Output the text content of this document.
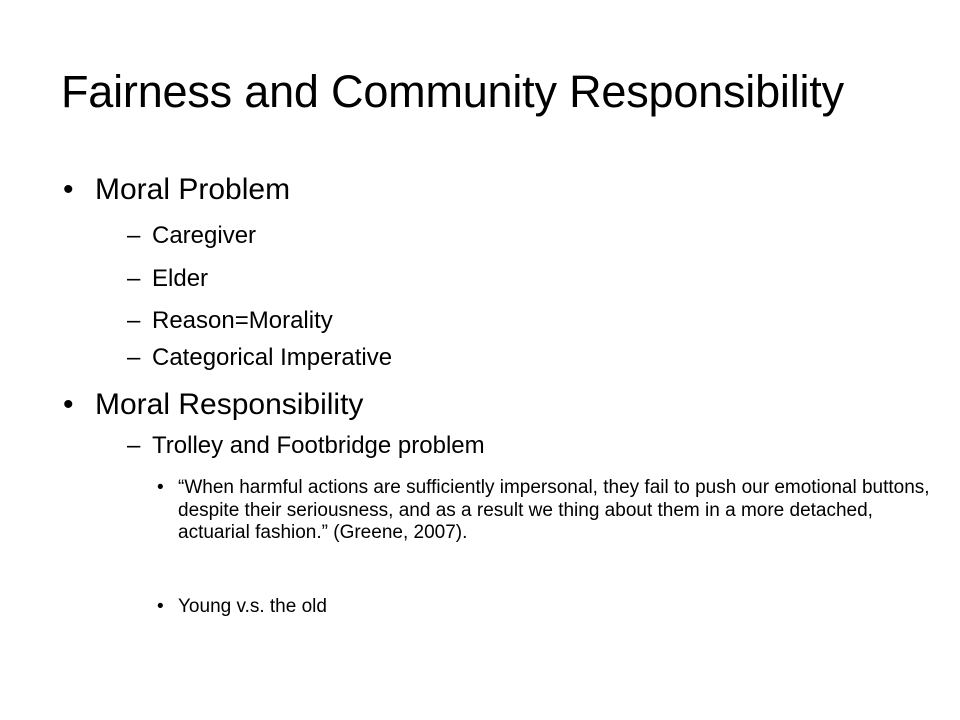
Fairness and Community Responsibility
• Moral Problem
– Caregiver
– Elder
– Reason=Morality
– Categorical Imperative
• Moral Responsibility
– Trolley and Footbridge problem
• “When harmful actions are sufficiently impersonal, they fail to push our emotional buttons, despite their seriousness, and as a result we thing about them in a more detached, actuarial fashion.” (Greene, 2007).
• Young v.s. the old
